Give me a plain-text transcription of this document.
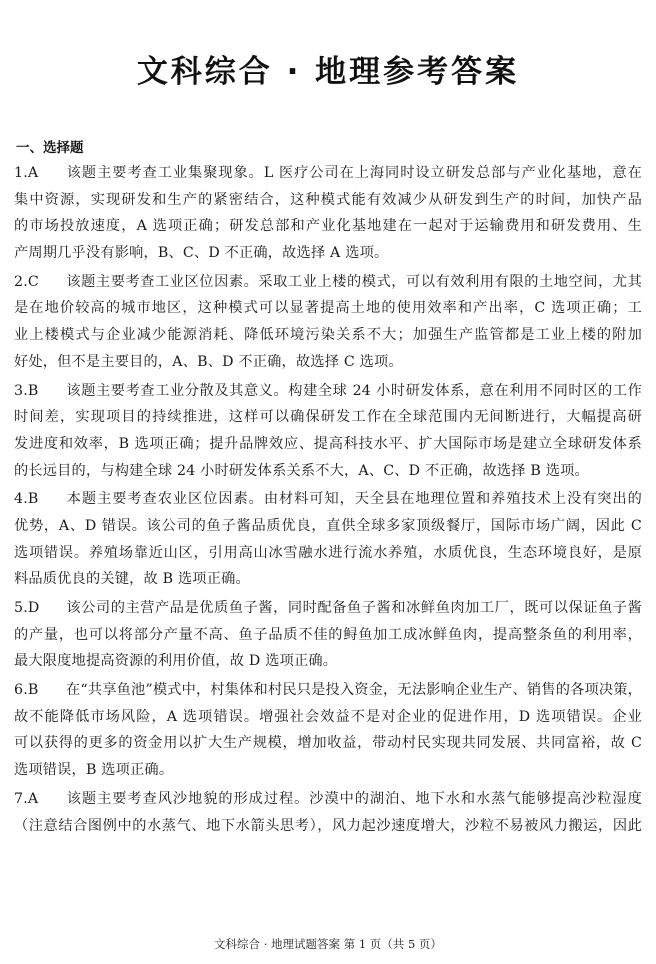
文科综合 · 地理参考答案
一、选择题
1.A 该题主要考查工业集聚现象。L 医疗公司在上海同时设立研发总部与产业化基地，意在
集中资源，实现研发和生产的紧密结合，这种模式能有效减少从研发到生产的时间，加快产品
的市场投放速度，A 选项正确；研发总部和产业化基地建在一起对于运输费用和研发费用、生
产周期几乎没有影响，B、C、D 不正确，故选择 A 选项。
2.C 该题主要考查工业区位因素。采取工业上楼的模式，可以有效利用有限的土地空间，尤其
是在地价较高的城市地区，这种模式可以显著提高土地的使用效率和产出率，C 选项正确；工
业上楼模式与企业减少能源消耗、降低环境污染关系不大；加强生产监管都是工业上楼的附加
好处，但不是主要目的，A、B、D 不正确，故选择 C 选项。
3.B 该题主要考查工业分散及其意义。构建全球 24 小时研发体系，意在利用不同时区的工作
时间差，实现项目的持续推进，这样可以确保研发工作在全球范围内无间断进行，大幅提高研
发进度和效率，B 选项正确；提升品牌效应、提高科技水平、扩大国际市场是建立全球研发体系
的长远目的，与构建全球 24 小时研发体系关系不大，A、C、D 不正确，故选择 B 选项。
4.B 本题主要考查农业区位因素。由材料可知，天全县在地理位置和养殖技术上没有突出的
优势，A、D 错误。该公司的鱼子酱品质优良，直供全球多家顶级餐厅，国际市场广阔，因此 C
选项错误。养殖场靠近山区，引用高山冰雪融水进行流水养殖，水质优良，生态环境良好，是原
料品质优良的关键，故 B 选项正确。
5.D 该公司的主营产品是优质鱼子酱，同时配备鱼子酱和冰鲜鱼肉加工厂，既可以保证鱼子酱
的产量，也可以将部分产量不高、鱼子品质不佳的鲟鱼加工成冰鲜鱼肉，提高整条鱼的利用率，
最大限度地提高资源的利用价值，故 D 选项正确。
6.B 在“共享鱼池”模式中，村集体和村民只是投入资金，无法影响企业生产、销售的各项决策，
故不能降低市场风险，A 选项错误。增强社会效益不是对企业的促进作用，D 选项错误。企业
可以获得的更多的资金用以扩大生产规模，增加收益，带动村民实现共同发展、共同富裕，故 C
选项错误，B 选项正确。
7.A 该题主要考查风沙地貌的形成过程。沙漠中的湖泊、地下水和水蒸气能够提高沙粒湿度
（注意结合图例中的水蒸气、地下水箭头思考），风力起沙速度增大，沙粒不易被风力搬运，因此
文科综合 · 地理试题答案 第 1 页（共 5 页）
